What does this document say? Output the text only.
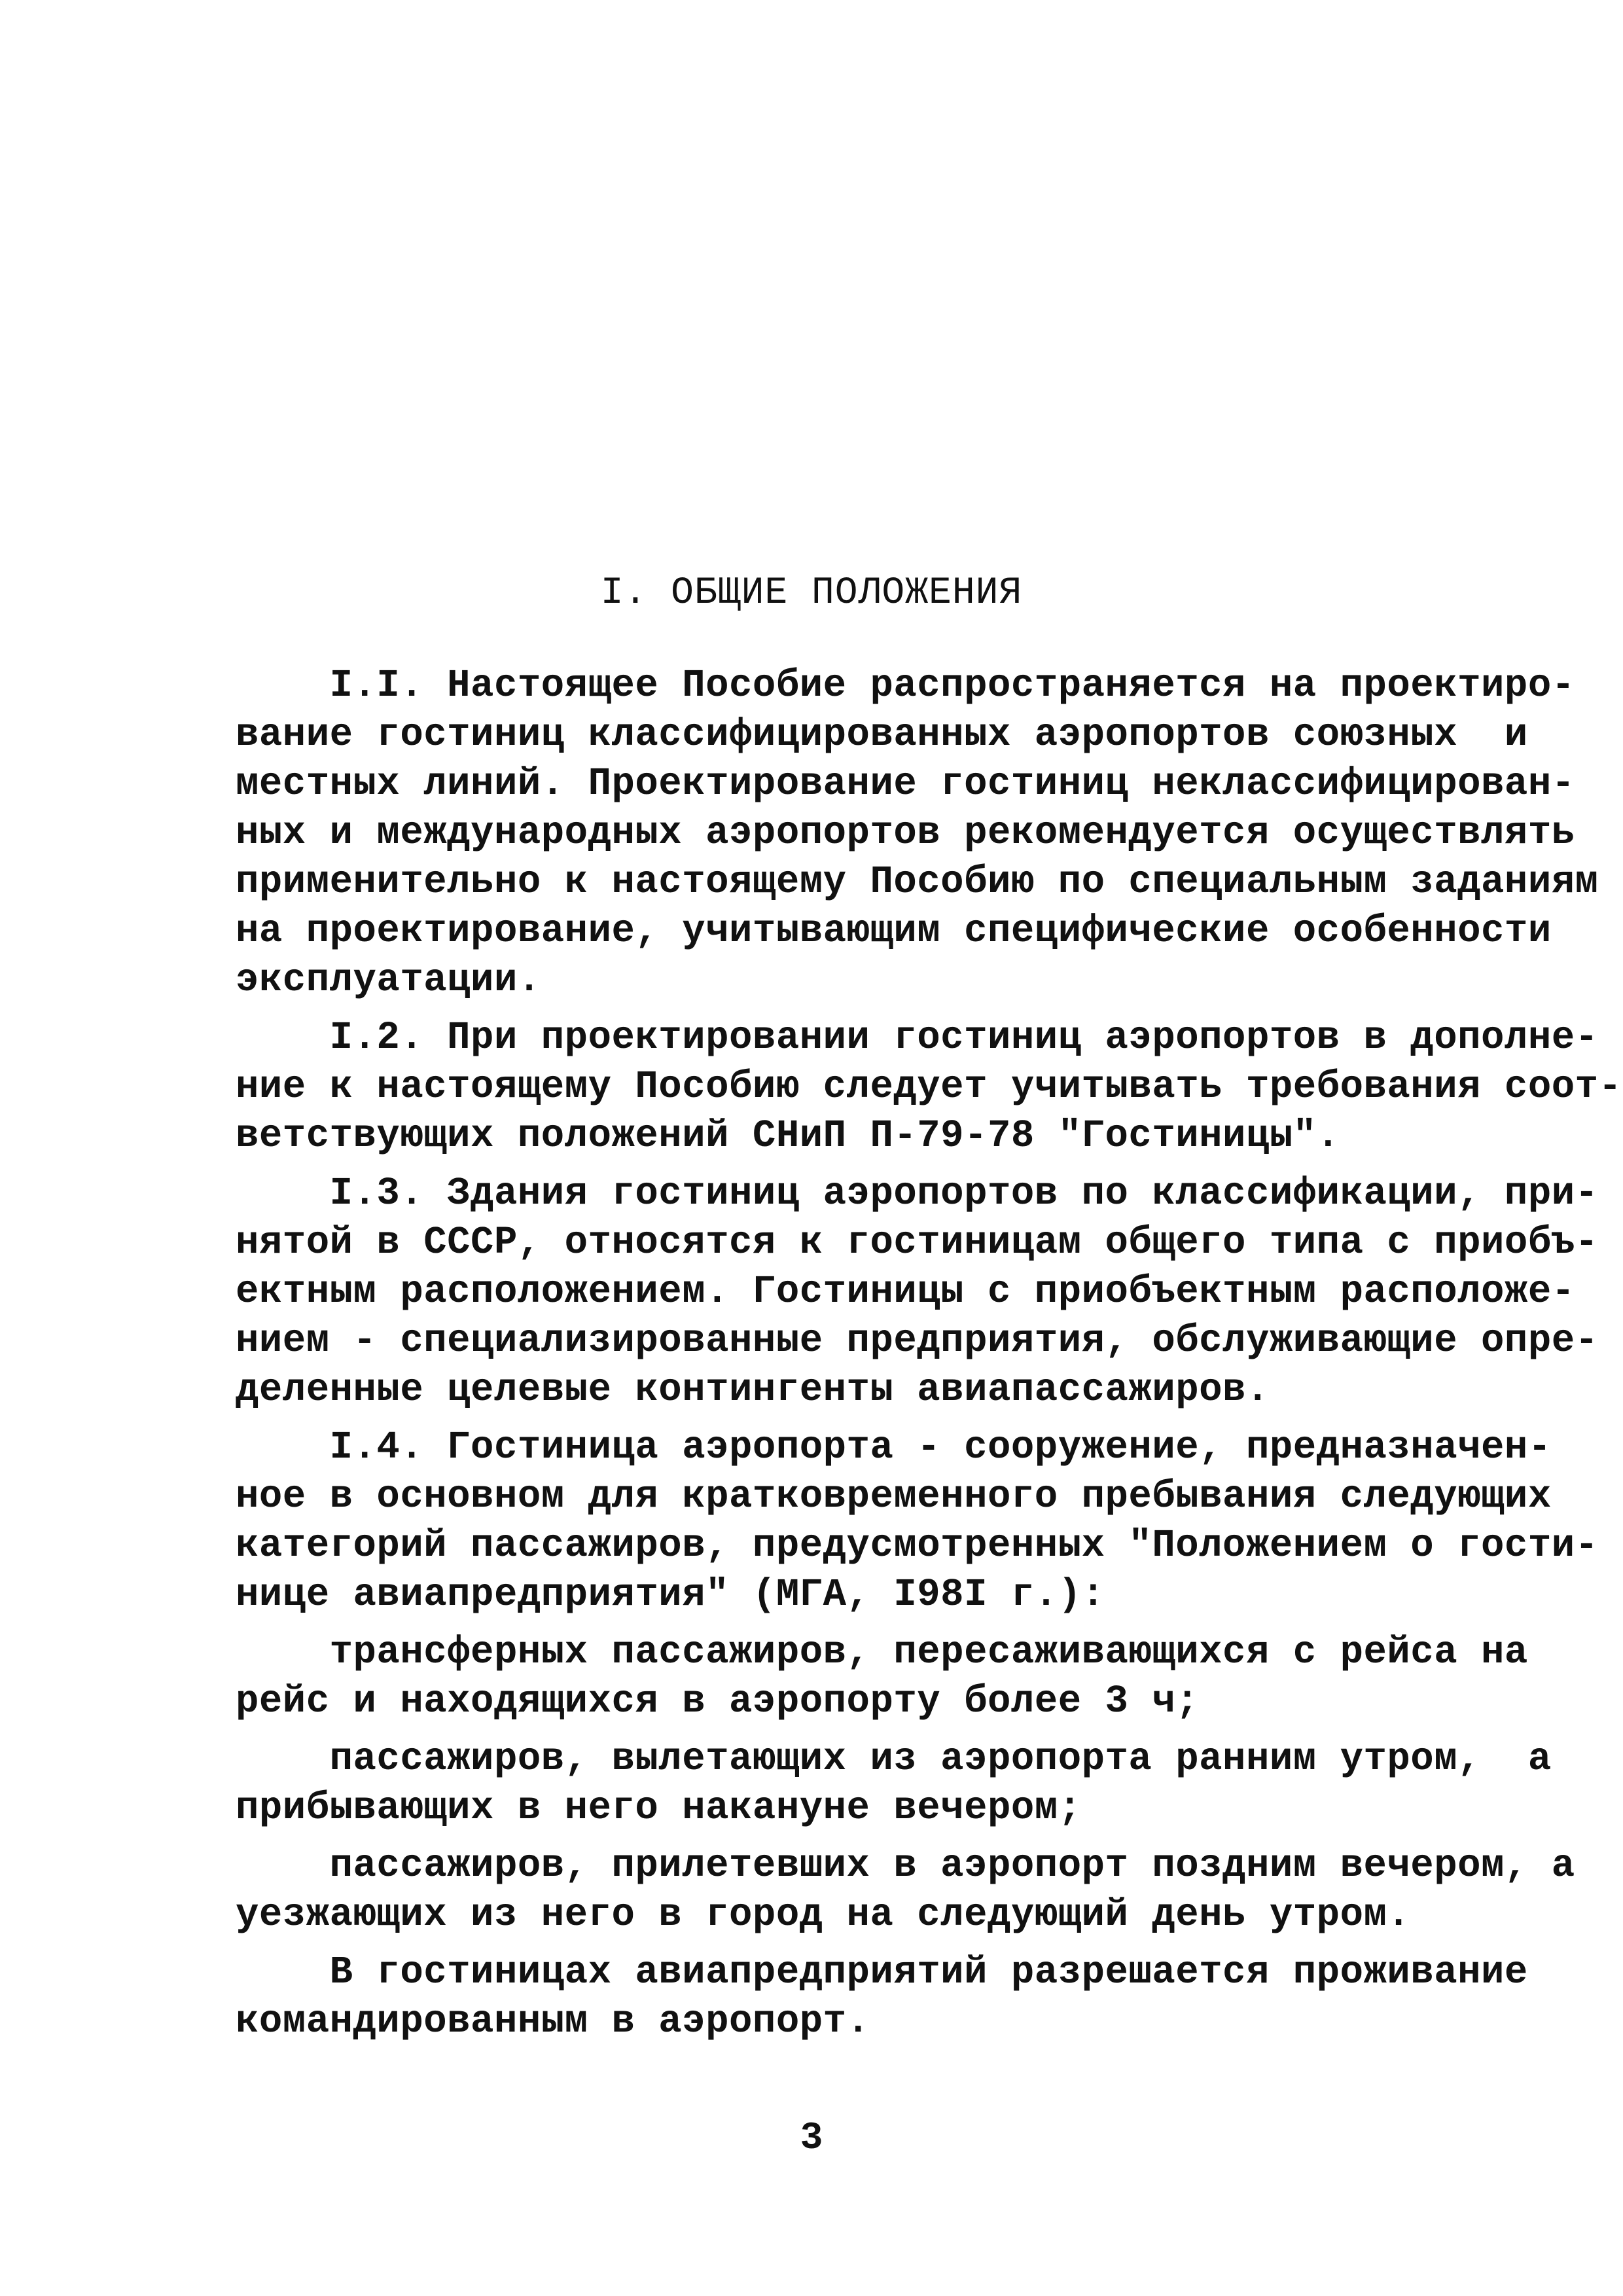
I. ОБЩИЕ ПОЛОЖЕНИЯ
I.I. Настоящее Пособие распространяется на проектиро-
вание гостиниц классифицированных аэропортов союзных  и
местных линий. Проектирование гостиниц неклассифицирован-
ных и международных аэропортов рекомендуется осуществлять
применительно к настоящему Пособию по специальным заданиям
на проектирование, учитывающим специфические особенности
эксплуатации.
I.2. При проектировании гостиниц аэропортов в дополне-
ние к настоящему Пособию следует учитывать требования соот-
ветствующих положений СНиП П-79-78 "Гостиницы".
I.3. Здания гостиниц аэропортов по классификации, при-
нятой в СССР, относятся к гостиницам общего типа с приобъ-
ектным расположением. Гостиницы с приобъектным расположе-
нием - специализированные предприятия, обслуживающие опре-
деленные целевые контингенты авиапассажиров.
I.4. Гостиница аэропорта - сооружение, предназначен-
ное в основном для кратковременного пребывания следующих
категорий пассажиров, предусмотренных "Положением о гости-
нице авиапредприятия" (МГА, I98I г.):
трансферных пассажиров, пересаживающихся с рейса на
рейс и находящихся в аэропорту более 3 ч;
пассажиров, вылетающих из аэропорта ранним утром,  а
прибывающих в него накануне вечером;
пассажиров, прилетевших в аэропорт поздним вечером, а
уезжающих из него в город на следующий день утром.
В гостиницах авиапредприятий разрешается проживание
командированным в аэропорт.
3
